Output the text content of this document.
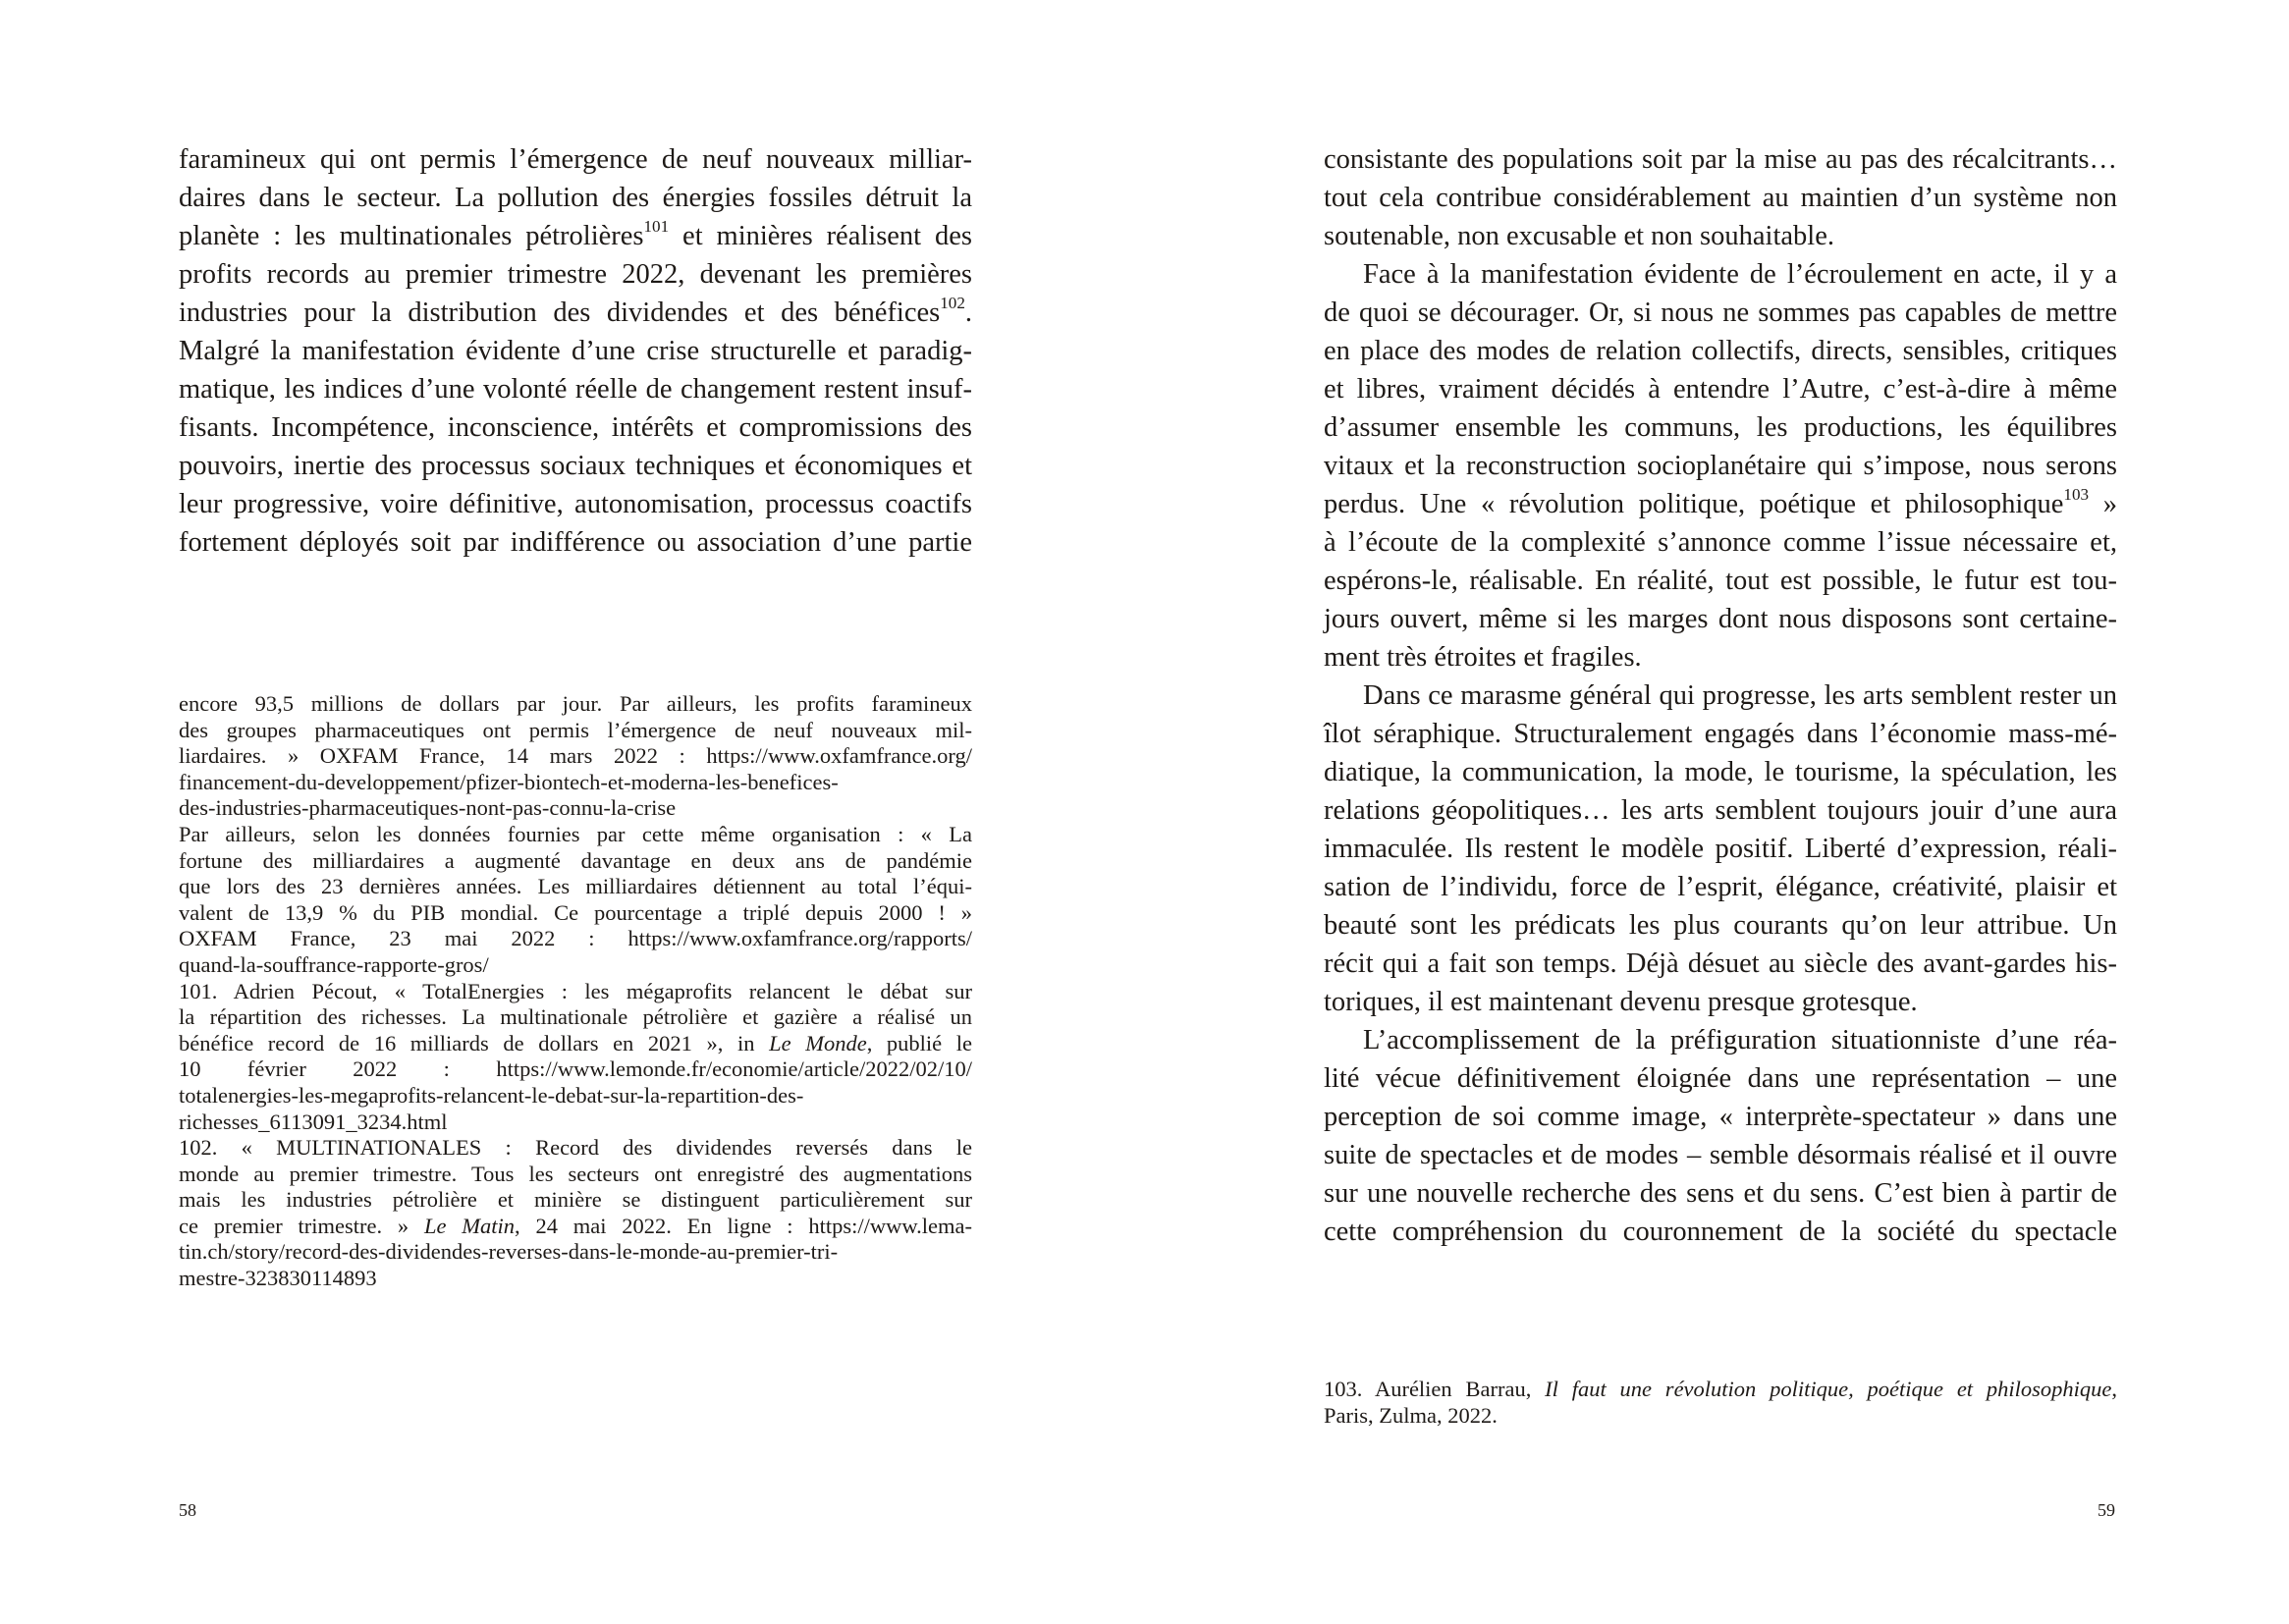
faramineux qui ont permis l’émergence de neuf nouveaux milliar-
daires dans le secteur. La pollution des énergies fossiles détruit la
planète : les multinationales pétrolières$^{101}$ et minières réalisent des
profits records au premier trimestre 2022, devenant les premières
industries pour la distribution des dividendes et des bénéfices$^{102}$.
Malgré la manifestation évidente d’une crise structurelle et paradig-
matique, les indices d’une volonté réelle de changement restent insuf-
fisants. Incompétence, inconscience, intérêts et compromissions des
pouvoirs, inertie des processus sociaux techniques et économiques et
leur progressive, voire définitive, autonomisation, processus coactifs
fortement déployés soit par indifférence ou association d’une partie
encore 93,5 millions de dollars par jour. Par ailleurs, les profits faramineux
des groupes pharmaceutiques ont permis l’émergence de neuf nouveaux mil-
liardaires. » OXFAM France, 14 mars 2022 : https://www.oxfamfrance.org/
financement-du-developpement/pfizer-biontech-et-moderna-les-benefices-
des-industries-pharmaceutiques-nont-pas-connu-la-crise
Par ailleurs, selon les données fournies par cette même organisation : « La
fortune des milliardaires a augmenté davantage en deux ans de pandémie
que lors des 23 dernières années. Les milliardaires détiennent au total l’équi-
valent de 13,9 % du PIB mondial. Ce pourcentage a triplé depuis 2000 ! »
OXFAM France, 23 mai 2022 : https://www.oxfamfrance.org/rapports/
quand-la-souffrance-rapporte-gros/
101. Adrien Pécout, « TotalEnergies : les mégaprofits relancent le débat sur
la répartition des richesses. La multinationale pétrolière et gazière a réalisé un
bénéfice record de 16 milliards de dollars en 2021 », in Le Monde, publié le
10 février 2022 : https://www.lemonde.fr/economie/article/2022/02/10/
totalenergies-les-megaprofits-relancent-le-debat-sur-la-repartition-des-
richesses_6113091_3234.html
102. « MULTINATIONALES : Record des dividendes reversés dans le
monde au premier trimestre. Tous les secteurs ont enregistré des augmentations
mais les industries pétrolière et minière se distinguent particulièrement sur
ce premier trimestre. » Le Matin, 24 mai 2022. En ligne : https://www.lema-
tin.ch/story/record-des-dividendes-reverses-dans-le-monde-au-premier-tri-
mestre-323830114893
58
consistante des populations soit par la mise au pas des récalcitrants…
tout cela contribue considérablement au maintien d’un système non
soutenable, non excusable et non souhaitable.
Face à la manifestation évidente de l’écroulement en acte, il y a
de quoi se décourager. Or, si nous ne sommes pas capables de mettre
en place des modes de relation collectifs, directs, sensibles, critiques
et libres, vraiment décidés à entendre l’Autre, c’est-à-dire à même
d’assumer ensemble les communs, les productions, les équilibres
vitaux et la reconstruction socioplanétaire qui s’impose, nous serons
perdus. Une « révolution politique, poétique et philosophique$^{103}$ »
à l’écoute de la complexité s’annonce comme l’issue nécessaire et,
espérons-le, réalisable. En réalité, tout est possible, le futur est tou-
jours ouvert, même si les marges dont nous disposons sont certaine-
ment très étroites et fragiles.
Dans ce marasme général qui progresse, les arts semblent rester un
îlot séraphique. Structuralement engagés dans l’économie mass-mé-
diatique, la communication, la mode, le tourisme, la spéculation, les
relations géopolitiques… les arts semblent toujours jouir d’une aura
immaculée. Ils restent le modèle positif. Liberté d’expression, réali-
sation de l’individu, force de l’esprit, élégance, créativité, plaisir et
beauté sont les prédicats les plus courants qu’on leur attribue. Un
récit qui a fait son temps. Déjà désuet au siècle des avant-gardes his-
toriques, il est maintenant devenu presque grotesque.
L’accomplissement de la préfiguration situationniste d’une réa-
lité vécue définitivement éloignée dans une représentation – une
perception de soi comme image, « interprète-spectateur » dans une
suite de spectacles et de modes – semble désormais réalisé et il ouvre
sur une nouvelle recherche des sens et du sens. C’est bien à partir de
cette compréhension du couronnement de la société du spectacle
103. Aurélien Barrau, Il faut une révolution politique, poétique et philosophique,
Paris, Zulma, 2022.
59
